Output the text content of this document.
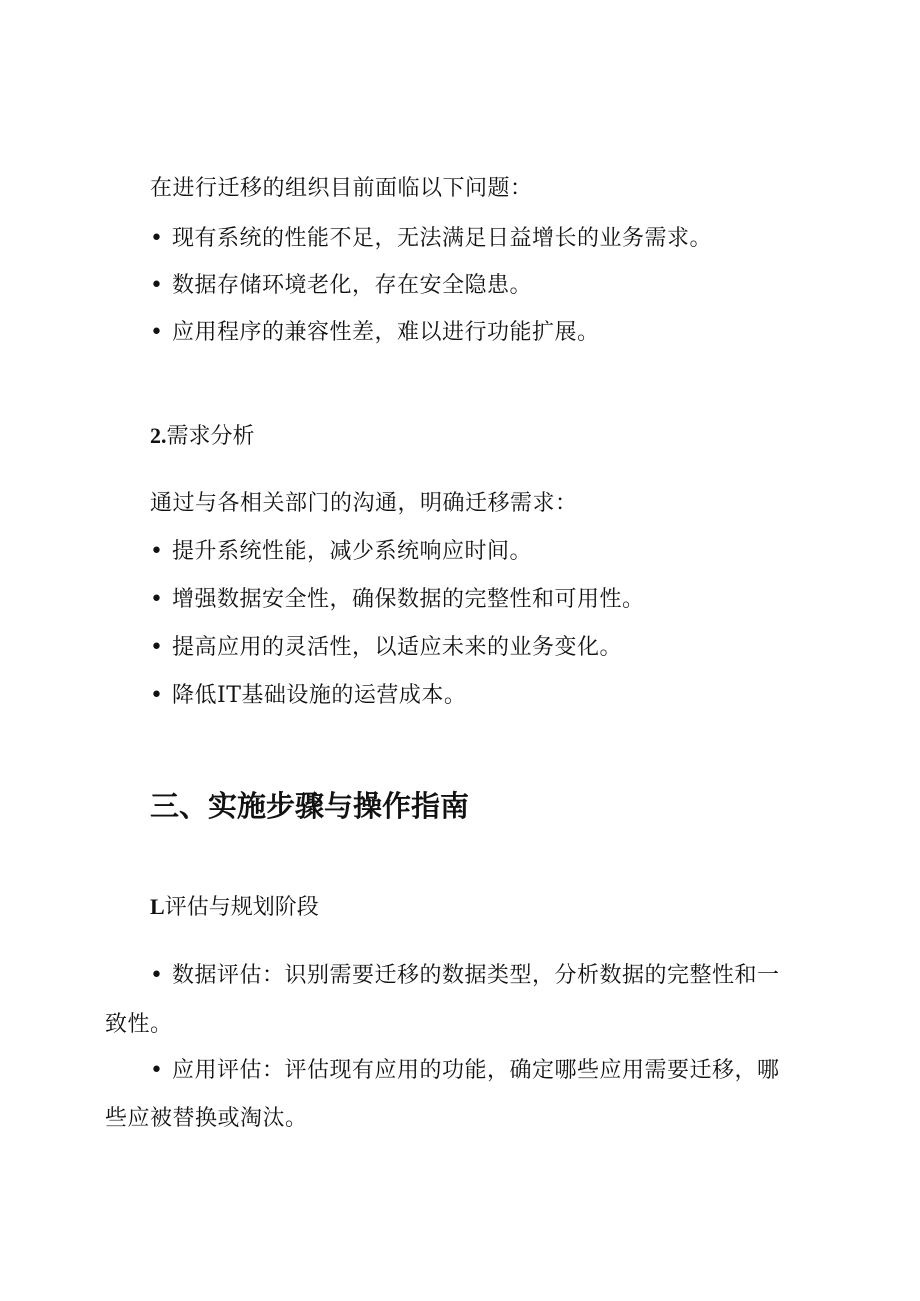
在进行迁移的组织目前面临以下问题：
• 现有系统的性能不足，无法满足日益增长的业务需求。
• 数据存储环境老化，存在安全隐患。
• 应用程序的兼容性差，难以进行功能扩展。
2.需求分析
通过与各相关部门的沟通，明确迁移需求：
• 提升系统性能，减少系统响应时间。
• 增强数据安全性，确保数据的完整性和可用性。
• 提高应用的灵活性，以适应未来的业务变化。
• 降低IT基础设施的运营成本。
三、实施步骤与操作指南
L评估与规划阶段
• 数据评估：识别需要迁移的数据类型，分析数据的完整性和一
致性。
• 应用评估：评估现有应用的功能，确定哪些应用需要迁移，哪
些应被替换或淘汰。
